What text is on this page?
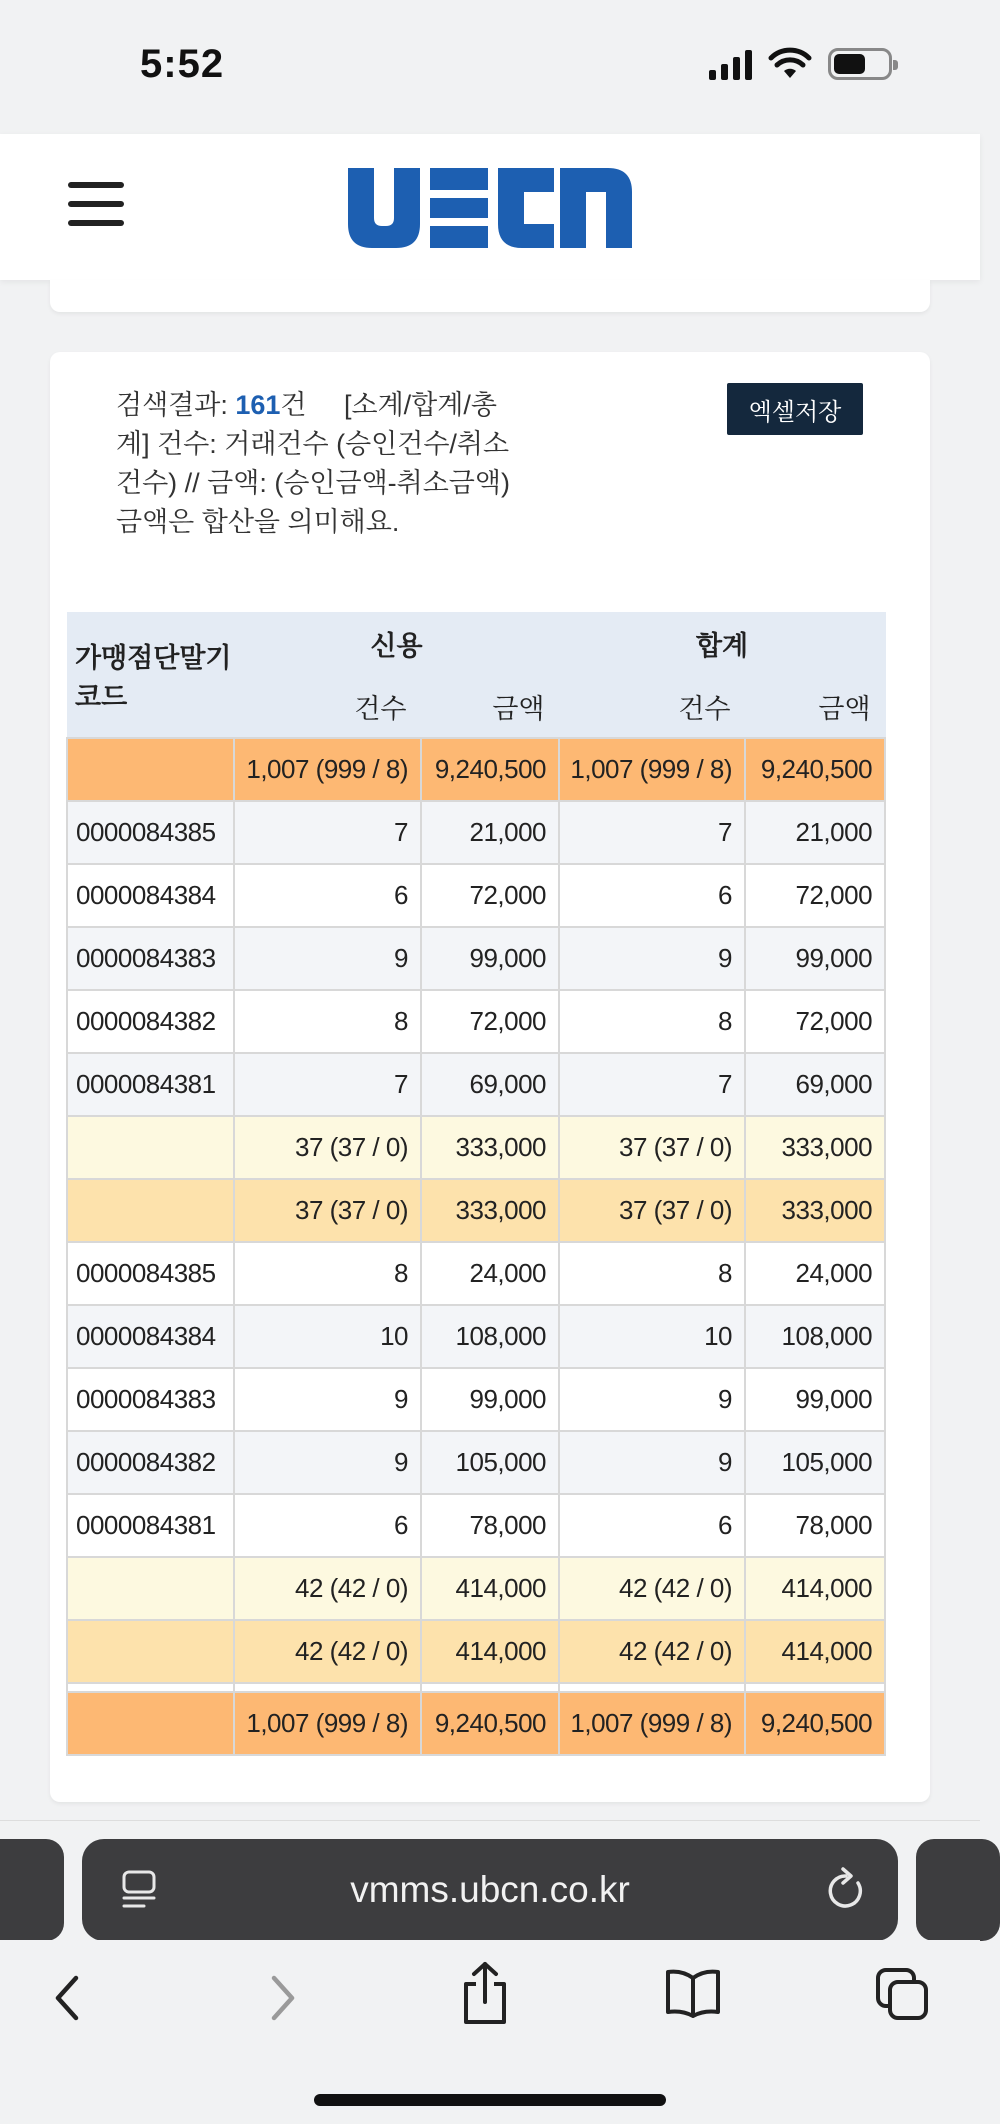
5:52
검색결과: 161건 [소계/합계/총계] 건수: 거래건수 (승인건수/취소건수) // 금액: (승인금액-취소금액) 금액은 합산을 의미해요.
엑셀저장
가맹점단말기코드	신용		합계	
	건수	금액	건수	금액
	1,007 (999 / 8)	9,240,500	1,007 (999 / 8)	9,240,500
0000084385	7	21,000	7	21,000
0000084384	6	72,000	6	72,000
0000084383	9	99,000	9	99,000
0000084382	8	72,000	8	72,000
0000084381	7	69,000	7	69,000
	37 (37 / 0)	333,000	37 (37 / 0)	333,000
	37 (37 / 0)	333,000	37 (37 / 0)	333,000
0000084385	8	24,000	8	24,000
0000084384	10	108,000	10	108,000
0000084383	9	99,000	9	99,000
0000084382	9	105,000	9	105,000
0000084381	6	78,000	6	78,000
	42 (42 / 0)	414,000	42 (42 / 0)	414,000
	42 (42 / 0)	414,000	42 (42 / 0)	414,000

	1,007 (999 / 8)	9,240,500	1,007 (999 / 8)	9,240,500
vmms.ubcn.co.kr
